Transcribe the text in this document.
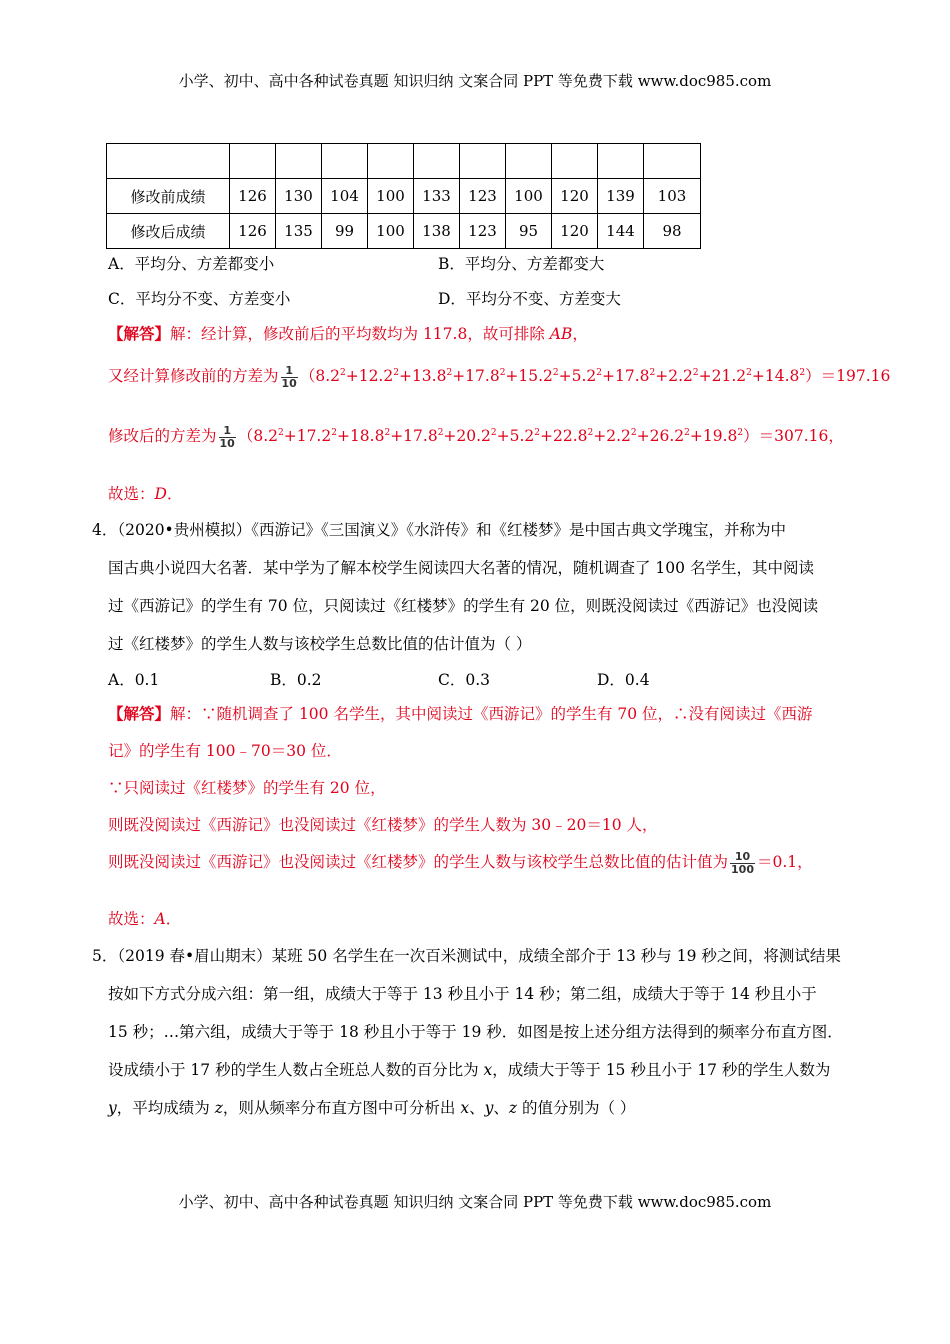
小学、初中、高中各种试卷真题 知识归纳 文案合同 PPT 等免费下载 www.doc985.com

修改前成绩	126	130	104	100	133	123	100	120	139	103
修改后成绩	126	135	99	100	138	123	95	120	144	98
A．平均分、方差都变小	B．平均分、方差都变大
C．平均分不变、方差变小	D．平均分不变、方差变大
【解答】解：经计算，修改前后的平均数均为 117.8，故可排除 AB，
又经计算修改前的方差为 $\frac{1}{10} (8.2^2+12.2^2+13.8^2+17.8^2+15.2^2+5.2^2+17.8^2+2.2^2+21.2^2+14.8^2)=197.16$
修改后的方差为 $\frac{1}{10} (8.2^2+17.2^2+18.8^2+17.8^2+20.2^2+5.2^2+22.8^2+2.2^2+26.2^2+19.8^2)=307.16$，
故选：D．
4．（2020•贵州模拟）《西游记》《三国演义》《水浒传》和《红楼梦》是中国古典文学瑰宝，并称为中
国古典小说四大名著．某中学为了解本校学生阅读四大名著的情况，随机调查了 100 名学生，其中阅读
过《西游记》的学生有 70 位，只阅读过《红楼梦》的学生有 20 位，则既没阅读过《西游记》也没阅读
过《红楼梦》的学生人数与该校学生总数比值的估计值为（ ）
A．0.1	B．0.2	C．0.3	D．0.4
【解答】解：∵随机调查了 100 名学生，其中阅读过《西游记》的学生有 70 位，∴没有阅读过《西游
记》的学生有 100﹣70＝30 位．
∵只阅读过《红楼梦》的学生有 20 位，
则既没阅读过《西游记》也没阅读过《红楼梦》的学生人数为 30﹣20＝10 人，
则既没阅读过《西游记》也没阅读过《红楼梦》的学生人数与该校学生总数比值的估计值为 $\frac{10}{100} =0.1$，
故选：A．
5．（2019 春•眉山期末）某班 50 名学生在一次百米测试中，成绩全部介于 13 秒与 19 秒之间，将测试结果
按如下方式分成六组：第一组，成绩大于等于 13 秒且小于 14 秒；第二组，成绩大于等于 14 秒且小于
15 秒；…第六组，成绩大于等于 18 秒且小于等于 19 秒．如图是按上述分组方法得到的频率分布直方图．
设成绩小于 17 秒的学生人数占全班总人数的百分比为 x，成绩大于等于 15 秒且小于 17 秒的学生人数为
y，平均成绩为 z，则从频率分布直方图中可分析出 x、y、z 的值分别为（ ）
小学、初中、高中各种试卷真题 知识归纳 文案合同 PPT 等免费下载 www.doc985.com
